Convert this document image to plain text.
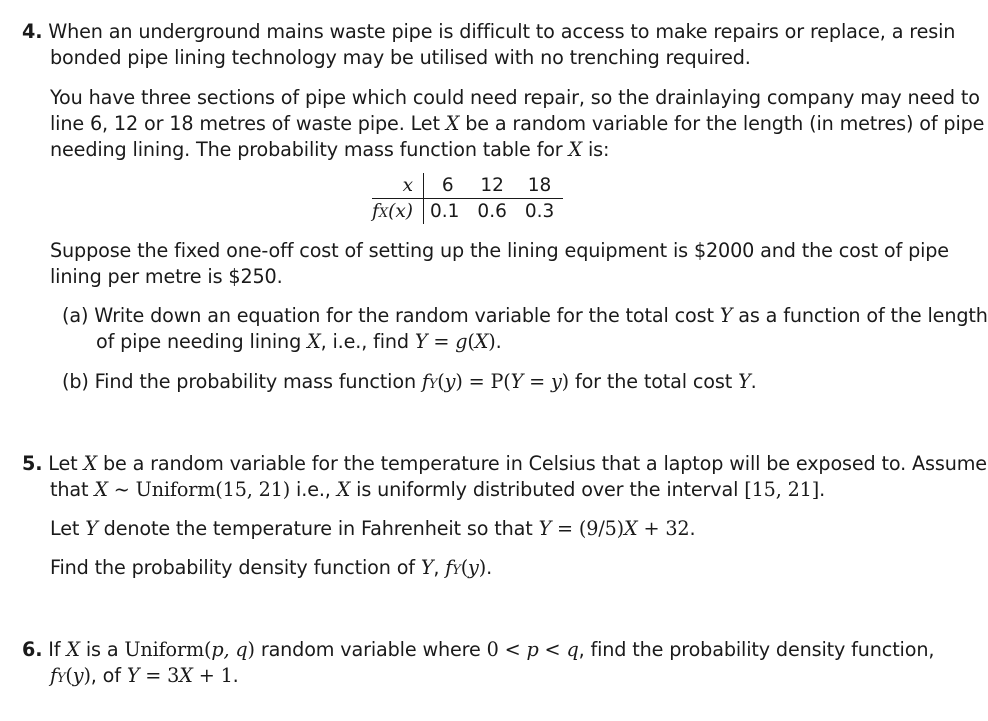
4. When an underground mains waste pipe is difficult to access to make repairs or replace, a resin
bonded pipe lining technology may be utilised with no trenching required.
You have three sections of pipe which could need repair, so the drainlaying company may need to
line 6, 12 or 18 metres of waste pipe. Let X be a random variable for the length (in metres) of pipe
needing lining. The probability mass function table for X is:
x	6	12	18
fX(x)	0.1	0.6	0.3
Suppose the fixed one-off cost of setting up the lining equipment is $2000 and the cost of pipe
lining per metre is $250.
(a) Write down an equation for the random variable for the total cost Y as a function of the length
of pipe needing lining X, i.e., find Y = g(X).
(b) Find the probability mass function fY(y) = P(Y = y) for the total cost Y.
5. Let X be a random variable for the temperature in Celsius that a laptop will be exposed to. Assume
that X ~ Uniform(15, 21) i.e., X is uniformly distributed over the interval [15, 21].
Let Y denote the temperature in Fahrenheit so that Y = (9/5)X + 32.
Find the probability density function of Y, fY(y).
6. If X is a Uniform(p, q) random variable where 0 < p < q, find the probability density function,
fY(y), of Y = 3X + 1.
